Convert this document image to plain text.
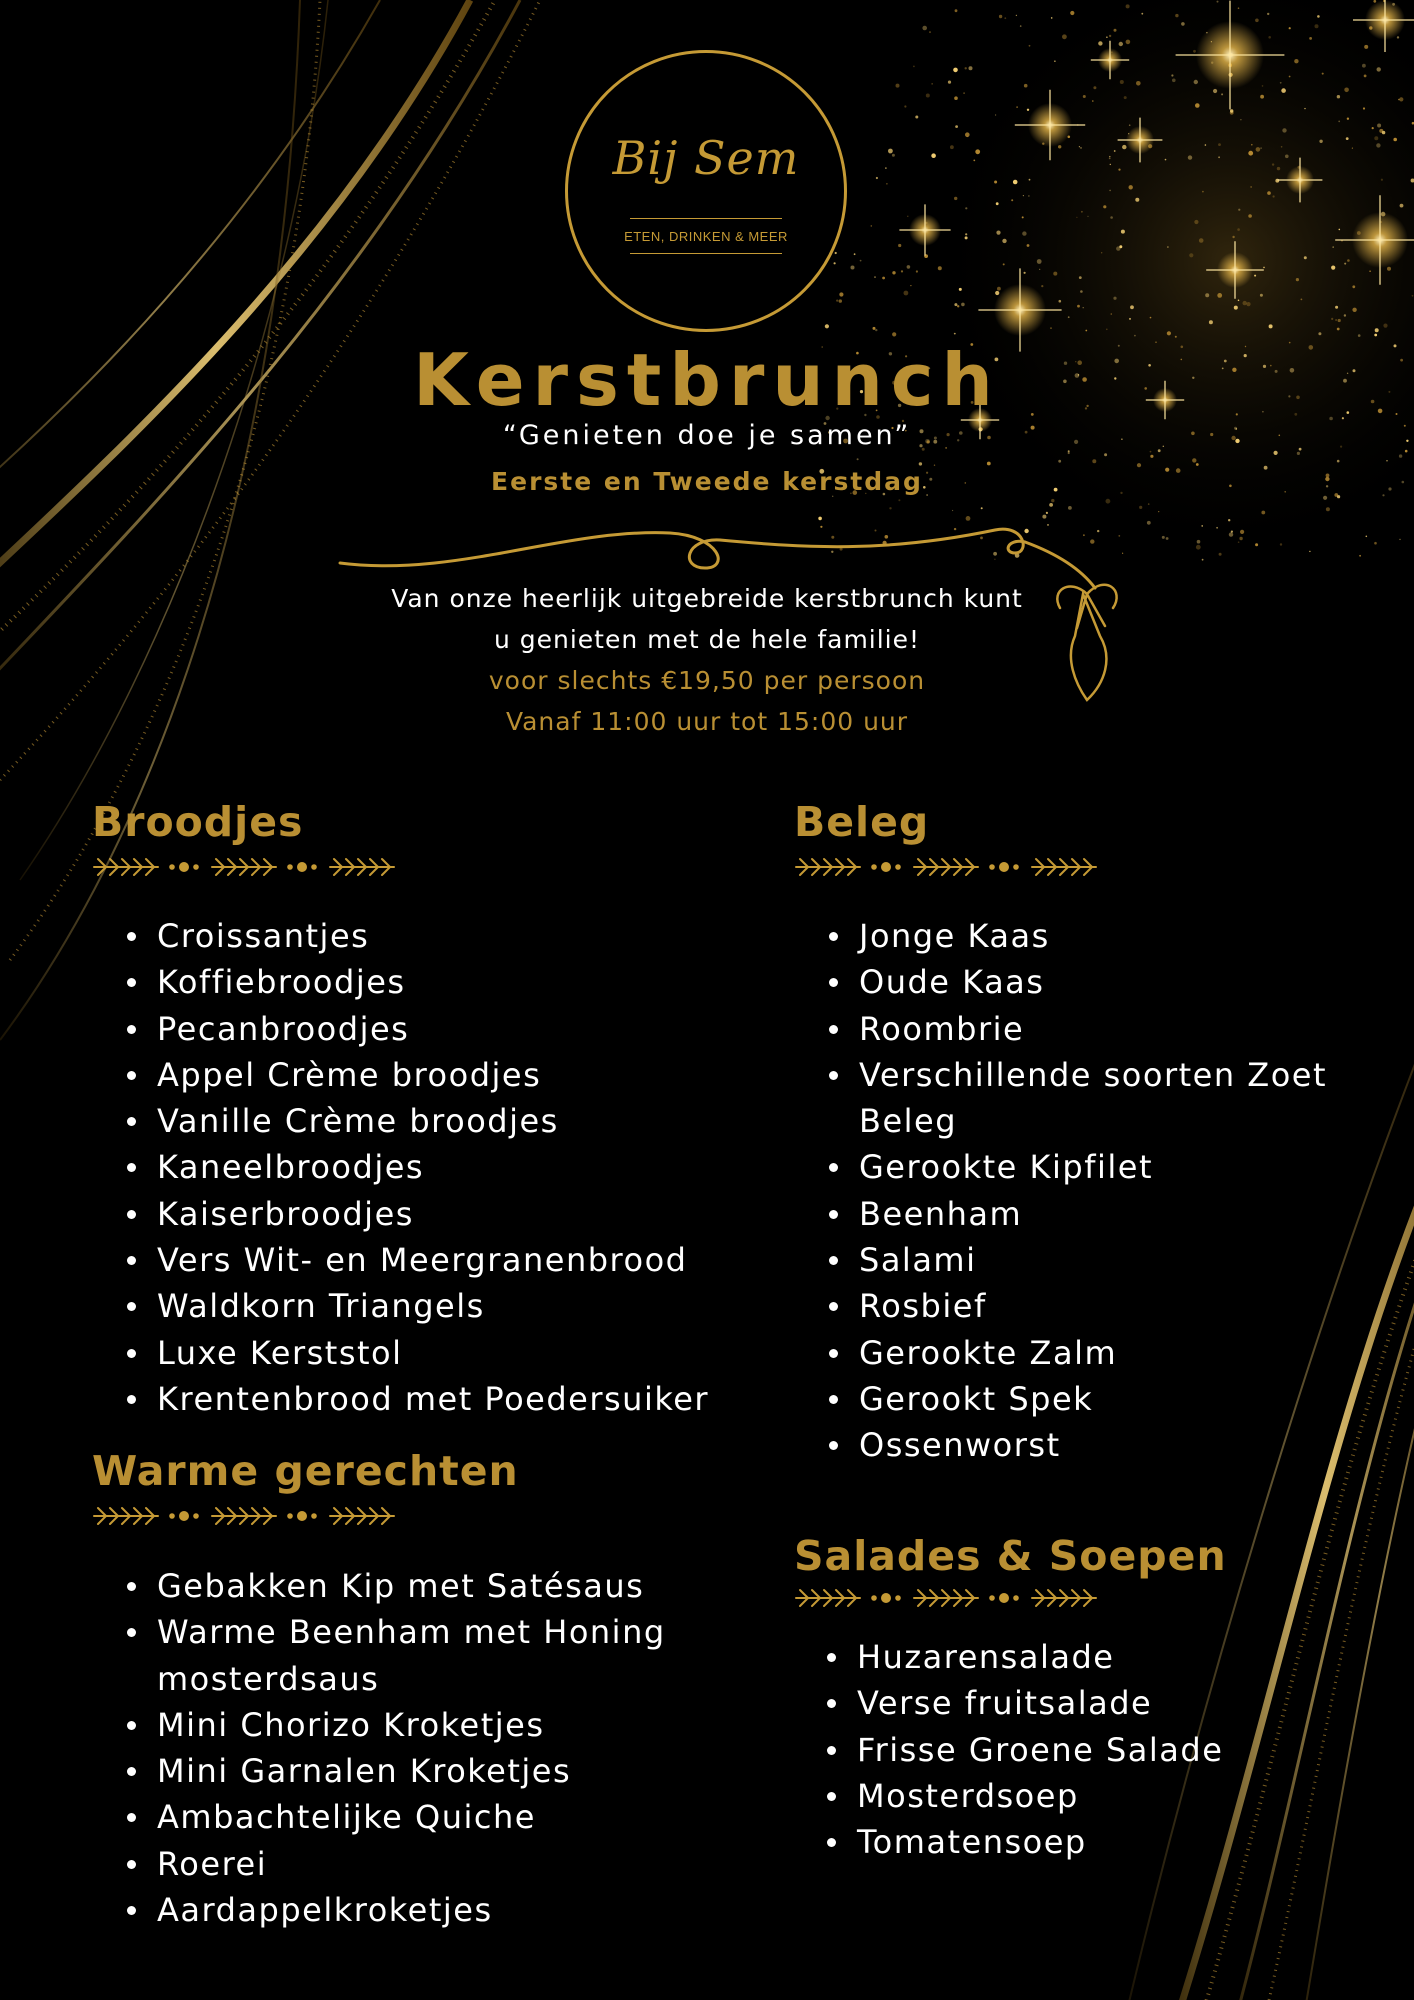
Bij Sem
ETEN, DRINKEN & MEER
Kerstbrunch
“Genieten doe je samen”
Eerste en Tweede kerstdag
Van onze heerlijk uitgebreide kerstbrunch kunt
u genieten met de hele familie!
voor slechts €19,50 per persoon
Vanaf 11:00 uur tot 15:00 uur
Broodjes
Croissantjes
Koffiebroodjes
Pecanbroodjes
Appel Crème broodjes
Vanille Crème broodjes
Kaneelbroodjes
Kaiserbroodjes
Vers Wit- en Meergranenbrood
Waldkorn Triangels
Luxe Kerststol
Krentenbrood met Poedersuiker
Warme gerechten
Gebakken Kip met Satésaus
Warme Beenham met Honing
mosterdsaus
Mini Chorizo Kroketjes
Mini Garnalen Kroketjes
Ambachtelijke Quiche
Roerei
Aardappelkroketjes
Beleg
Jonge Kaas
Oude Kaas
Roombrie
Verschillende soorten Zoet
Beleg
Gerookte Kipfilet
Beenham
Salami
Rosbief
Gerookte Zalm
Gerookt Spek
Ossenworst
Salades & Soepen
Huzarensalade
Verse fruitsalade
Frisse Groene Salade
Mosterdsoep
Tomatensoep
